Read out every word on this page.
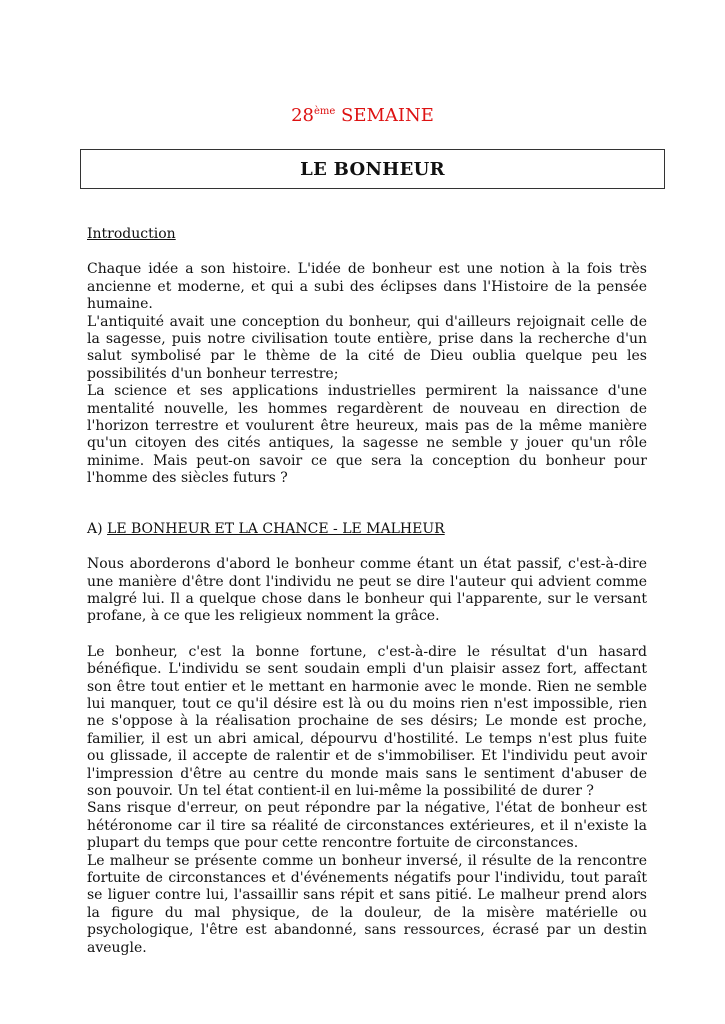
28ème SEMAINE
LE BONHEUR

Introduction

Chaque idée a son histoire. L'idée de bonheur est une notion à la fois très ancienne et moderne, et qui a subi des éclipses dans l'Histoire de la pensée humaine.

L'antiquité avait une conception du bonheur, qui d'ailleurs rejoignait celle de la sagesse, puis notre civilisation toute entière, prise dans la recherche d'un salut symbolisé par le thème de la cité de Dieu oublia quelque peu les possibilités d'un bonheur terrestre;

La science et ses applications industrielles permirent la naissance d'une mentalité nouvelle, les hommes regardèrent de nouveau en direction de l'horizon terrestre et voulurent être heureux, mais pas de la même manière qu'un citoyen des cités antiques, la sagesse ne semble y jouer qu'un rôle minime. Mais peut-on savoir ce que sera la conception du bonheur pour l'homme des siècles futurs ?

A) LE BONHEUR ET LA CHANCE - LE MALHEUR

Nous aborderons d'abord le bonheur comme étant un état passif, c'est-à-dire une manière d'être dont l'individu ne peut se dire l'auteur qui advient comme malgré lui. Il a quelque chose dans le bonheur qui l'apparente, sur le versant profane, à ce que les religieux nomment la grâce.

Le bonheur, c'est la bonne fortune, c'est-à-dire le résultat d'un hasard bénéfique. L'individu se sent soudain empli d'un plaisir assez fort, affectant son être tout entier et le mettant en harmonie avec le monde. Rien ne semble lui manquer, tout ce qu'il désire est là ou du moins rien n'est impossible, rien ne s'oppose à la réalisation prochaine de ses désirs; Le monde est proche, familier, il est un abri amical, dépourvu d'hostilité. Le temps n'est plus fuite ou glissade, il accepte de ralentir et de s'immobiliser. Et l'individu peut avoir l'impression d'être au centre du monde mais sans le sentiment d'abuser de son pouvoir. Un tel état contient-il en lui-même la possibilité de durer ?

Sans risque d'erreur, on peut répondre par la négative, l'état de bonheur est hétéronome car il tire sa réalité de circonstances extérieures, et il n'existe la plupart du temps que pour cette rencontre fortuite de circonstances.

Le malheur se présente comme un bonheur inversé, il résulte de la rencontre fortuite de circonstances et d'événements négatifs pour l'individu, tout paraît se liguer contre lui, l'assaillir sans répit et sans pitié. Le malheur prend alors la figure du mal physique, de la douleur, de la misère matérielle ou psychologique, l'être est abandonné, sans ressources, écrasé par un destin aveugle.
